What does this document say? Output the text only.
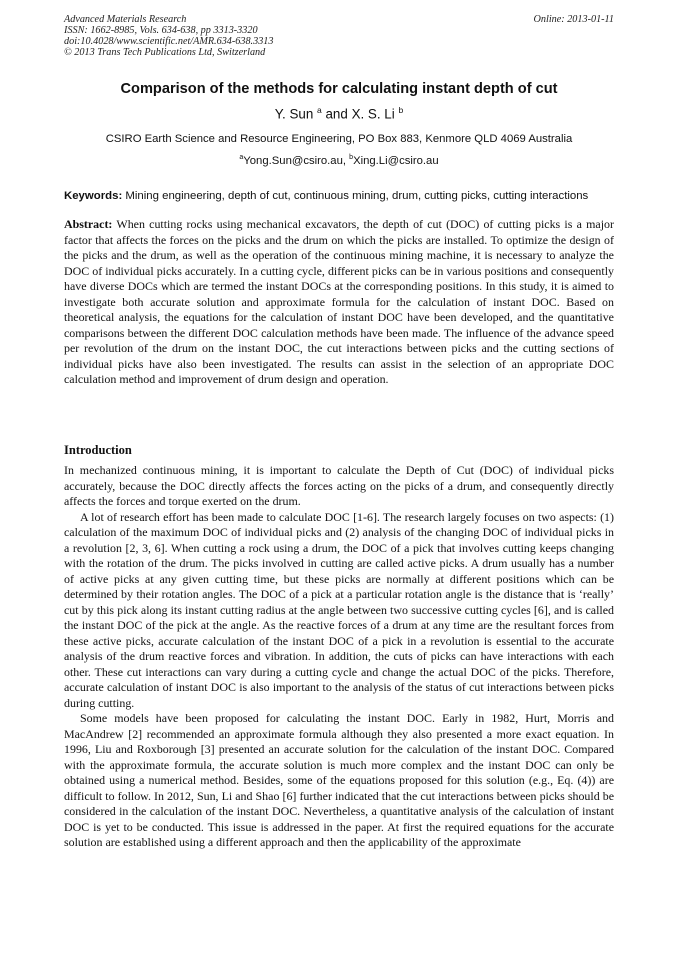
Advanced Materials Research
ISSN: 1662-8985, Vols. 634-638, pp 3313-3320
doi:10.4028/www.scientific.net/AMR.634-638.3313
© 2013 Trans Tech Publications Ltd, Switzerland
Online: 2013-01-11
Comparison of the methods for calculating instant depth of cut
Y. Sun $^a$ and X. S. Li $^b$
CSIRO Earth Science and Resource Engineering, PO Box 883, Kenmore QLD 4069 Australia
$^a$Yong.Sun@csiro.au, $^b$Xing.Li@csiro.au
Keywords: Mining engineering, depth of cut, continuous mining, drum, cutting picks, cutting interactions
Abstract: When cutting rocks using mechanical excavators, the depth of cut (DOC) of cutting picks is a major factor that affects the forces on the picks and the drum on which the picks are installed. To optimize the design of the picks and the drum, as well as the operation of the continuous mining machine, it is necessary to analyze the DOC of individual picks accurately. In a cutting cycle, different picks can be in various positions and consequently have diverse DOCs which are termed the instant DOCs at the corresponding positions. In this study, it is aimed to investigate both accurate solution and approximate formula for the calculation of instant DOC. Based on theoretical analysis, the equations for the calculation of instant DOC have been developed, and the quantitative comparisons between the different DOC calculation methods have been made. The influence of the advance speed per revolution of the drum on the instant DOC, the cut interactions between picks and the cutting sections of individual picks have also been investigated. The results can assist in the selection of an appropriate DOC calculation method and improvement of drum design and operation.
Introduction

In mechanized continuous mining, it is important to calculate the Depth of Cut (DOC) of individual picks accurately, because the DOC directly affects the forces acting on the picks of a drum, and consequently directly affects the forces and torque exerted on the drum.

A lot of research effort has been made to calculate DOC [1-6]. The research largely focuses on two aspects: (1) calculation of the maximum DOC of individual picks and (2) analysis of the changing DOC of individual picks in a revolution [2, 3, 6]. When cutting a rock using a drum, the DOC of a pick that involves cutting keeps changing with the rotation of the drum. The picks involved in cutting are called active picks. A drum usually has a number of active picks at any given cutting time, but these picks are normally at different positions which can be determined by their rotation angles. The DOC of a pick at a particular rotation angle is the distance that is ‘really’ cut by this pick along its instant cutting radius at the angle between two successive cutting cycles [6], and is called the instant DOC of the pick at the angle. As the reactive forces of a drum at any time are the resultant forces from these active picks, accurate calculation of the instant DOC of a pick in a revolution is essential to the accurate analysis of the drum reactive forces and vibration. In addition, the cuts of picks can have interactions with each other. These cut interactions can vary during a cutting cycle and change the actual DOC of the picks. Therefore, accurate calculation of instant DOC is also important to the analysis of the status of cut interactions between picks during cutting.

Some models have been proposed for calculating the instant DOC. Early in 1982, Hurt, Morris and MacAndrew [2] recommended an approximate formula although they also presented a more exact equation. In 1996, Liu and Roxborough [3] presented an accurate solution for the calculation of the instant DOC. Compared with the approximate formula, the accurate solution is much more complex and the instant DOC can only be obtained using a numerical method. Besides, some of the equations proposed for this solution (e.g., Eq. (4)) are difficult to follow. In 2012, Sun, Li and Shao [6] further indicated that the cut interactions between picks should be considered in the calculation of the instant DOC. Nevertheless, a quantitative analysis of the calculation of instant DOC is yet to be conducted. This issue is addressed in the paper. At first the required equations for the accurate solution are established using a different approach and then the applicability of the approximate
